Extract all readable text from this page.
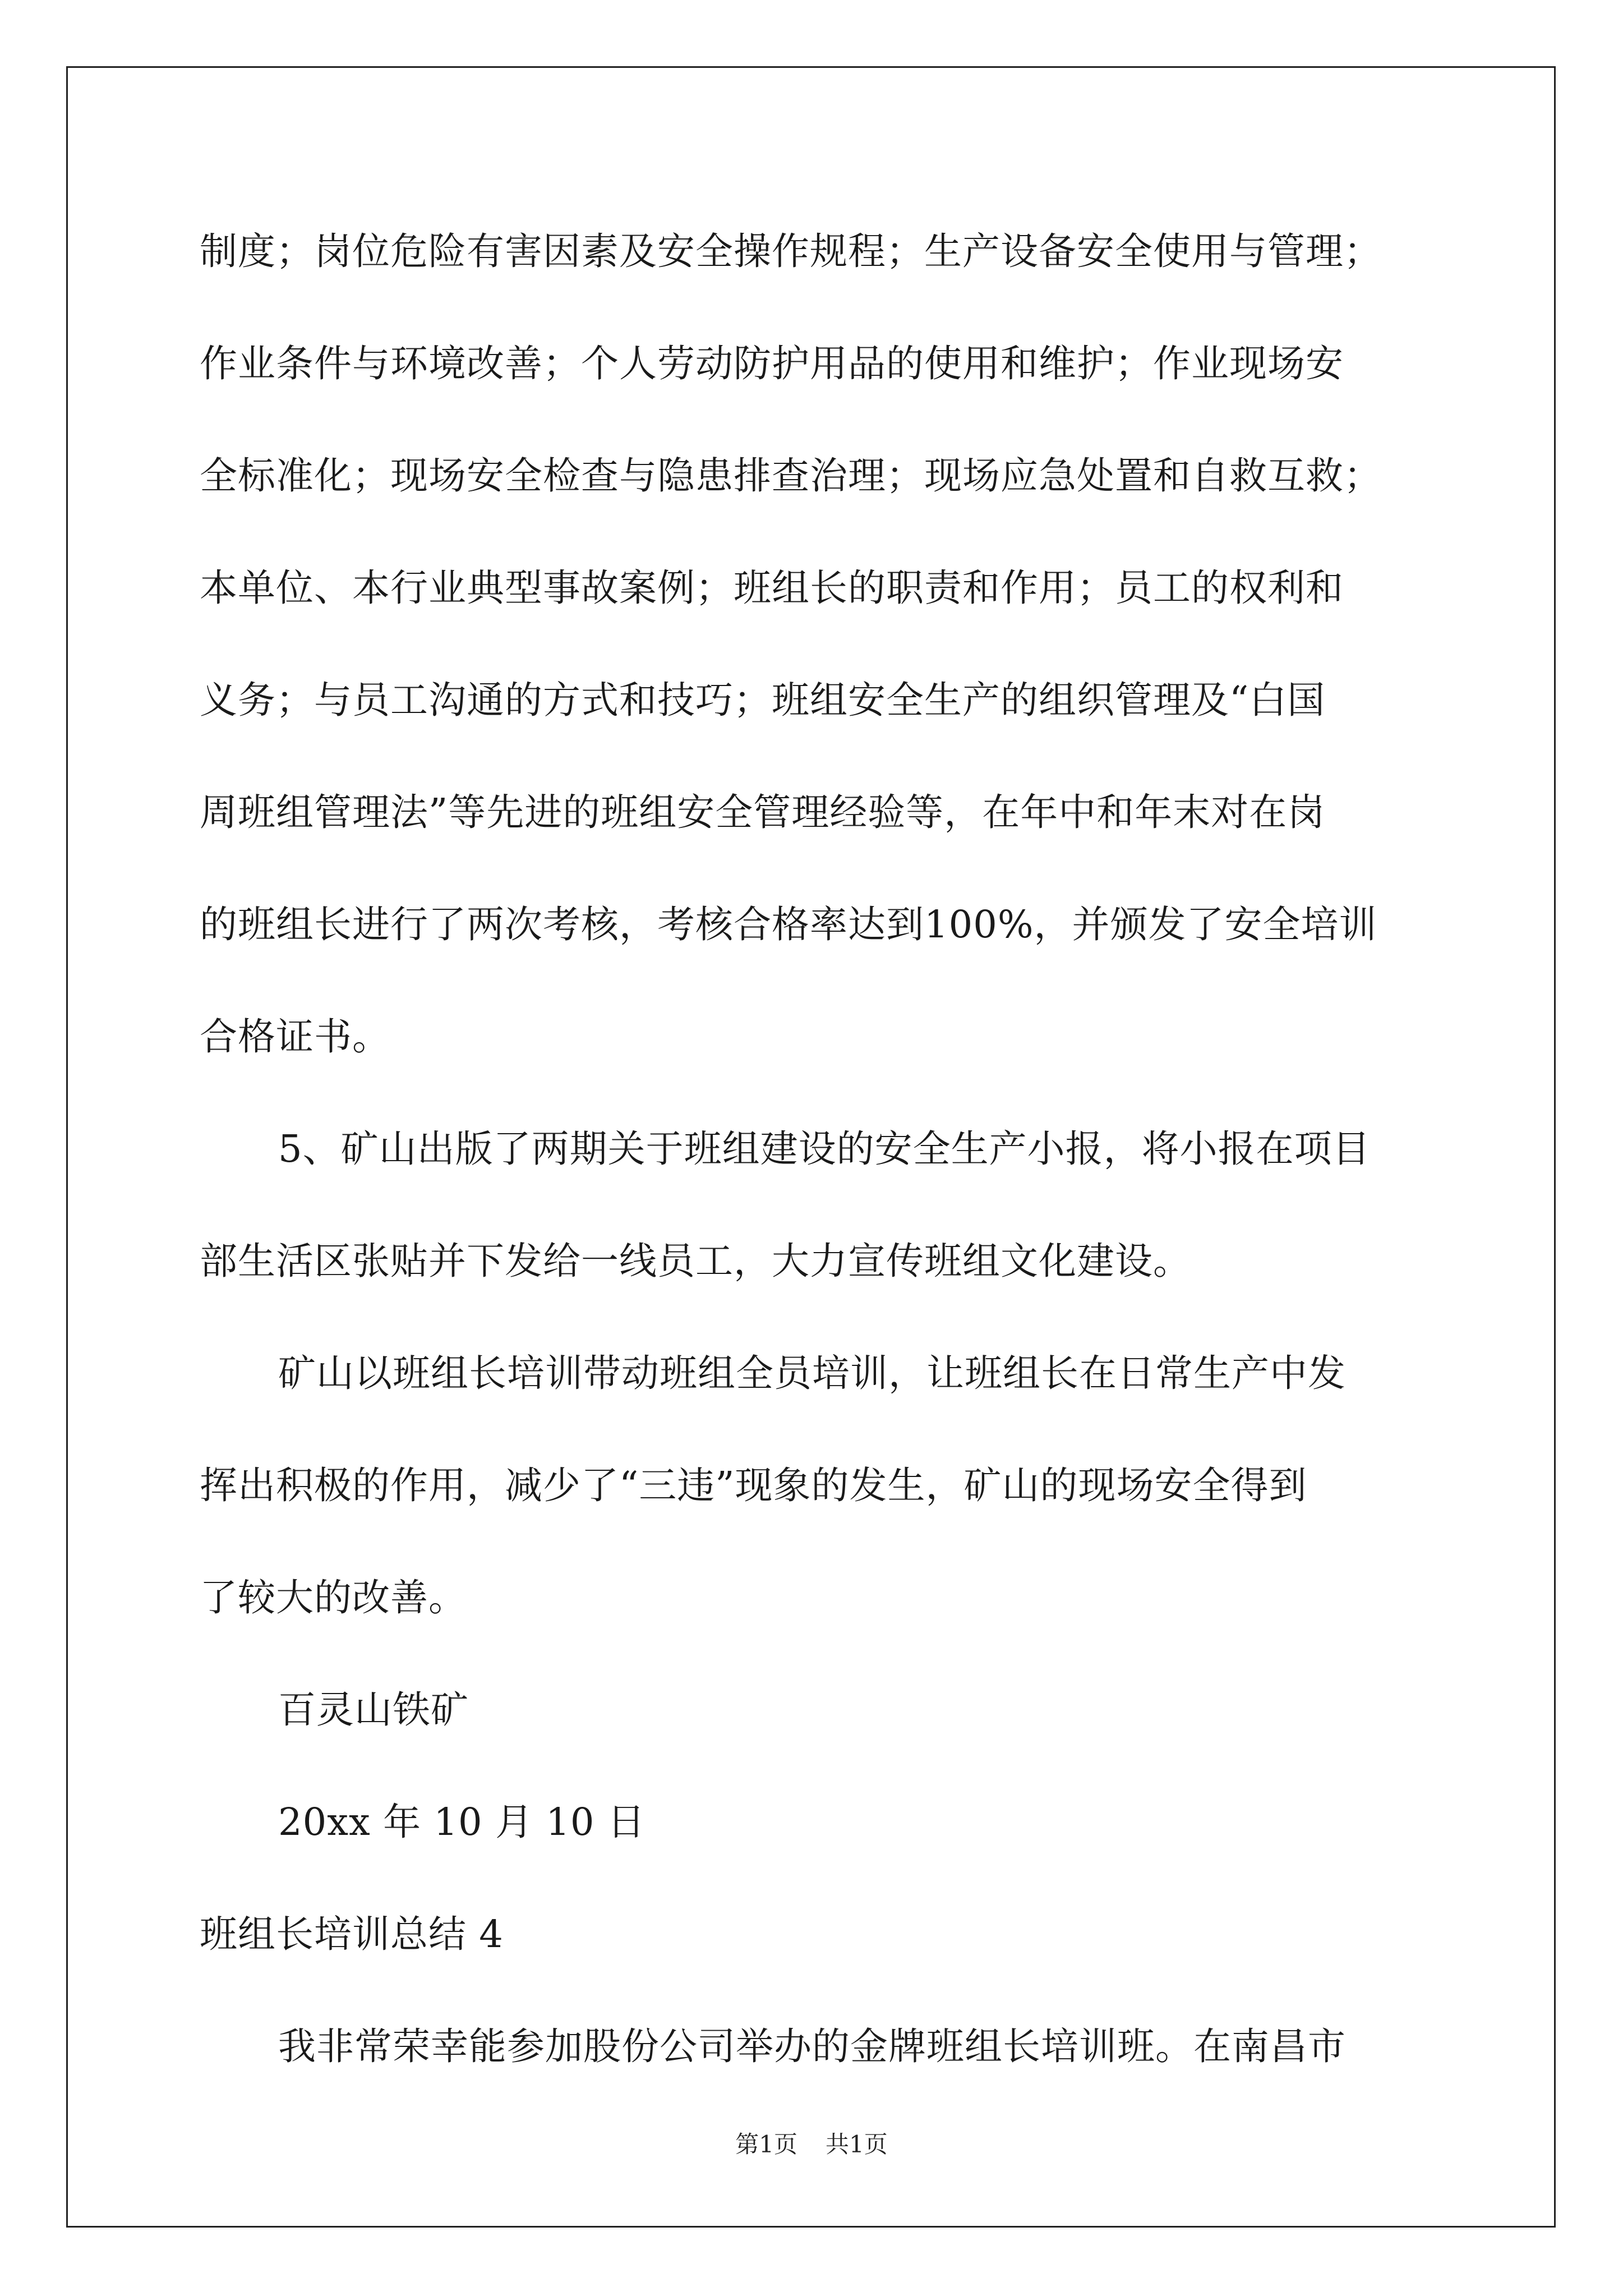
制度；岗位危险有害因素及安全操作规程；生产设备安全使用与管理；
作业条件与环境改善；个人劳动防护用品的使用和维护；作业现场安
全标准化；现场安全检查与隐患排查治理；现场应急处置和自救互救；
本单位、本行业典型事故案例；班组长的职责和作用；员工的权利和
义务；与员工沟通的方式和技巧；班组安全生产的组织管理及“白国
周班组管理法”等先进的班组安全管理经验等，在年中和年末对在岗
的班组长进行了两次考核，考核合格率达到100%，并颁发了安全培训
合格证书。
5、矿山出版了两期关于班组建设的安全生产小报，将小报在项目
部生活区张贴并下发给一线员工，大力宣传班组文化建设。
矿山以班组长培训带动班组全员培训，让班组长在日常生产中发
挥出积极的作用，减少了“三违”现象的发生，矿山的现场安全得到
了较大的改善。
百灵山铁矿
20xx 年 10 月 10 日
班组长培训总结 4
我非常荣幸能参加股份公司举办的金牌班组长培训班。在南昌市
第1页 共1页
